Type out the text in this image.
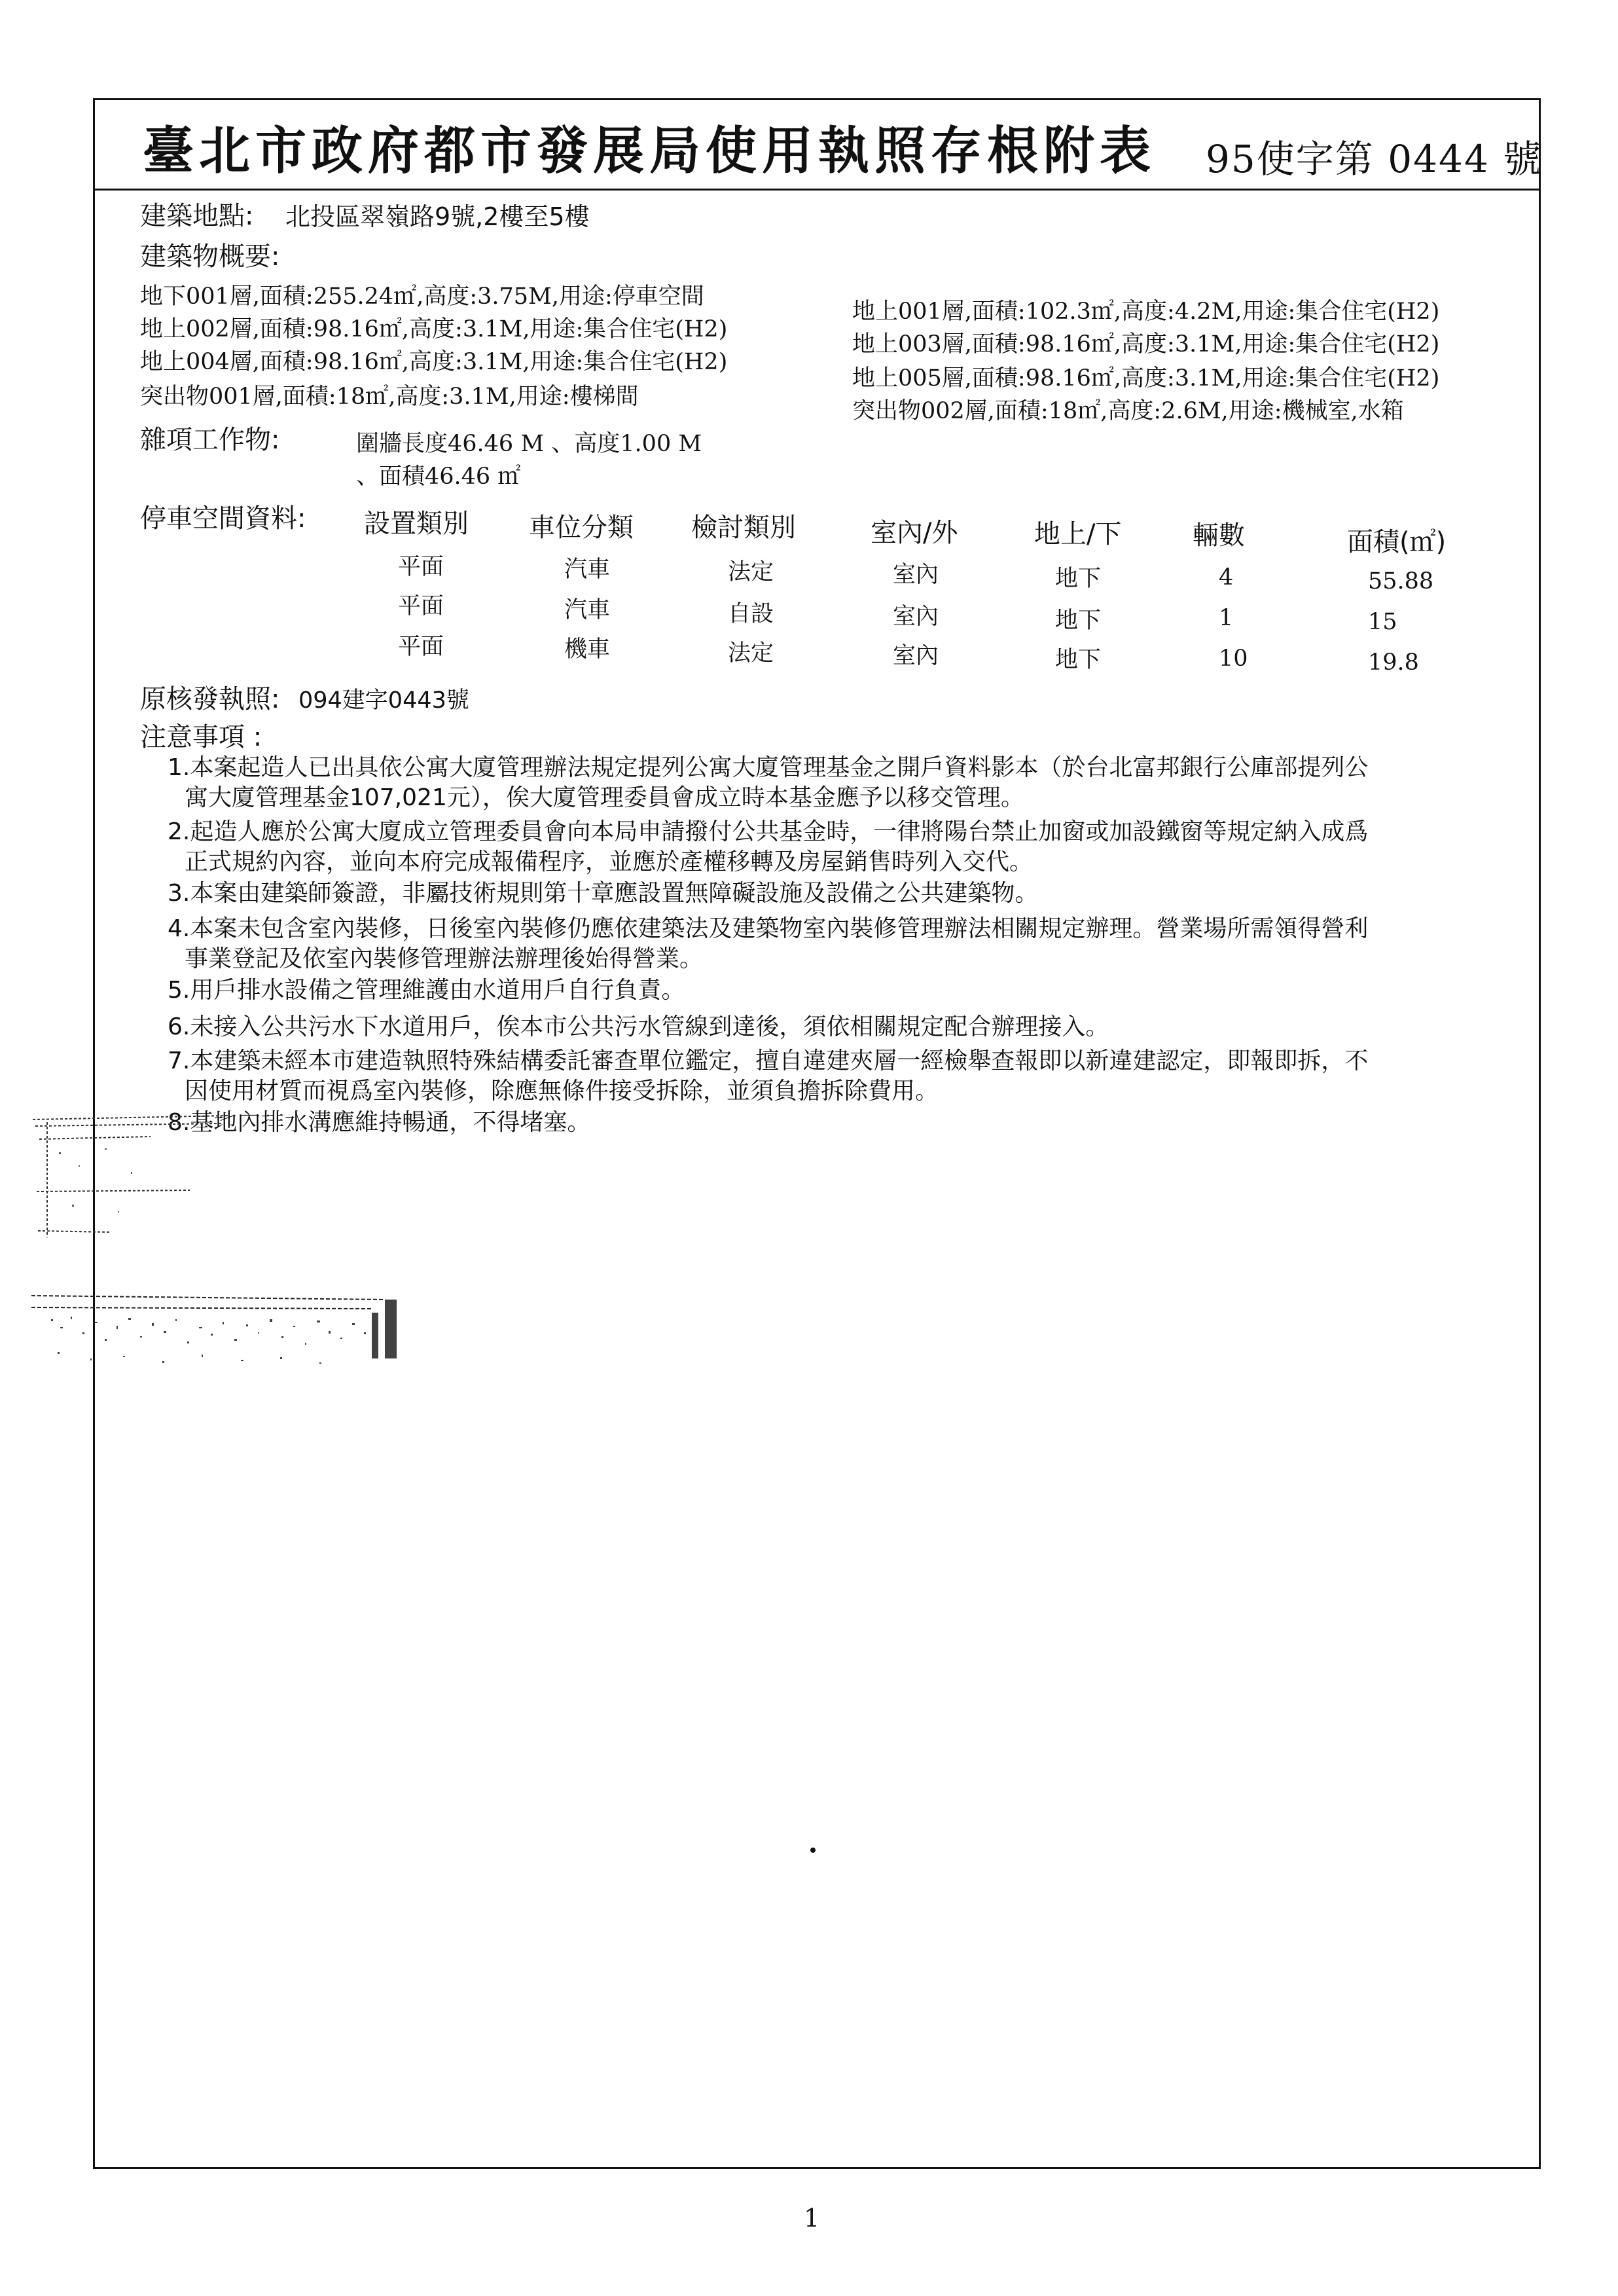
臺北市政府都市發展局使用執照存根附表 95使字第 0444 號
建築地點: 北投區翠嶺路9號,2樓至5樓
建築物概要:
地下001層,面積:255.24㎡,高度:3.75M,用途:停車空間
地上002層,面積:98.16㎡,高度:3.1M,用途:集合住宅(H2)
地上004層,面積:98.16㎡,高度:3.1M,用途:集合住宅(H2)
突出物001層,面積:18㎡,高度:3.1M,用途:樓梯間
地上001層,面積:102.3㎡,高度:4.2M,用途:集合住宅(H2)
地上003層,面積:98.16㎡,高度:3.1M,用途:集合住宅(H2)
地上005層,面積:98.16㎡,高度:3.1M,用途:集合住宅(H2)
突出物002層,面積:18㎡,高度:2.6M,用途:機械室,水箱
雜項工作物:	圍牆長度46.46 M 、高度1.00 M
、面積46.46 ㎡
停車空間資料: 設置類別 車位分類 檢討類別	室內/外	地上/下	輛數	面積(㎡)
平面	汽車	法定	室內	地下	4	55.88
平面	汽車	自設	室內	地下	1	15
平面	機車	法定	室內	地下	10	19.8
原核發執照: 094建字0443號
注意事項 :
1.本案起造人已出具依公寓大廈管理辦法規定提列公寓大廈管理基金之開戶資料影本（於台北富邦銀行公庫部提列公
寓大廈管理基金107,021元），俟大廈管理委員會成立時本基金應予以移交管理。
2.起造人應於公寓大廈成立管理委員會向本局申請撥付公共基金時，一律將陽台禁止加窗或加設鐵窗等規定納入成爲
正式規約內容，並向本府完成報備程序，並應於產權移轉及房屋銷售時列入交代。
3.本案由建築師簽證，非屬技術規則第十章應設置無障礙設施及設備之公共建築物。
4.本案未包含室內裝修，日後室內裝修仍應依建築法及建築物室內裝修管理辦法相關規定辦理。營業場所需領得營利
事業登記及依室內裝修管理辦法辦理後始得營業。
5.用戶排水設備之管理維護由水道用戶自行負責。
6.未接入公共污水下水道用戶，俟本市公共污水管線到達後，須依相關規定配合辦理接入。
7.本建築未經本市建造執照特殊結構委託審查單位鑑定，擅自違建夾層一經檢舉查報即以新違建認定，即報即拆，不
因使用材質而視爲室內裝修，除應無條件接受拆除，並須負擔拆除費用。
8.基地內排水溝應維持暢通，不得堵塞。
1
